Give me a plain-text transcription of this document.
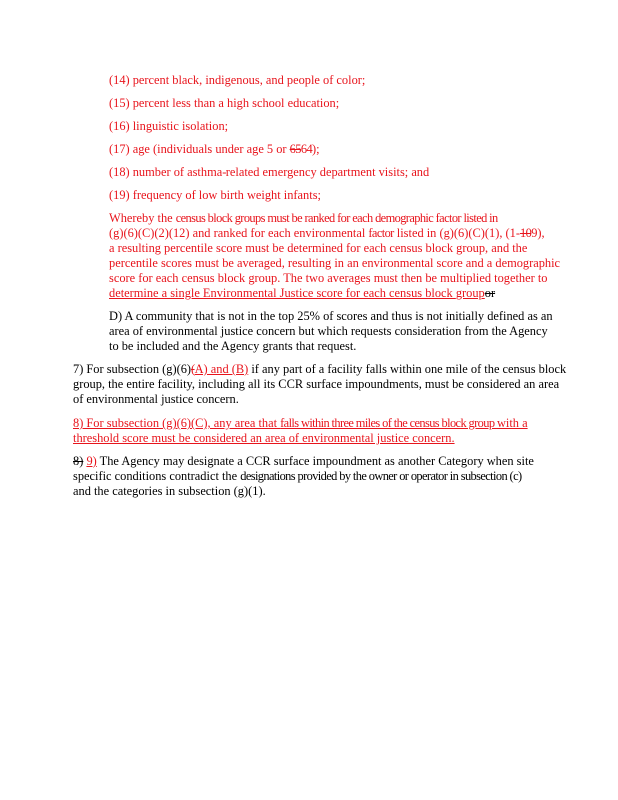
(14) percent black, indigenous, and people of color;

(15) percent less than a high school education;

(16) linguistic isolation;

(17) age (individuals under age 5 or 6564);

(18) number of asthma-related emergency department visits; and

(19) frequency of low birth weight infants;

Whereby the census block groups must be ranked for each demographic factor listed in

(g)(6)(C)(2)(12) and ranked for each environmental factor listed in (g)(6)(C)(1), (1-109),

a resulting percentile score must be determined for each census block group, and the

percentile scores must be averaged, resulting in an environmental score and a demographic

score for each census block group. The two averages must then be multiplied together to

determine a single Environmental Justice score for each census block groupor

D) A community that is not in the top 25% of scores and thus is not initially defined as an

area of environmental justice concern but which requests consideration from the Agency

to be included and the Agency grants that request.

7) For subsection (g)(6)(A) and (B) if any part of a facility falls within one mile of the census block

group, the entire facility, including all its CCR surface impoundments, must be considered an area

of environmental justice concern.

8) For subsection (g)(6)(C), any area that falls within three miles of the census block group with a

threshold score must be considered an area of environmental justice concern.

8) 9) The Agency may designate a CCR surface impoundment as another Category when site

specific conditions contradict the designations provided by the owner or operator in subsection (c)

and the categories in subsection (g)(1).
